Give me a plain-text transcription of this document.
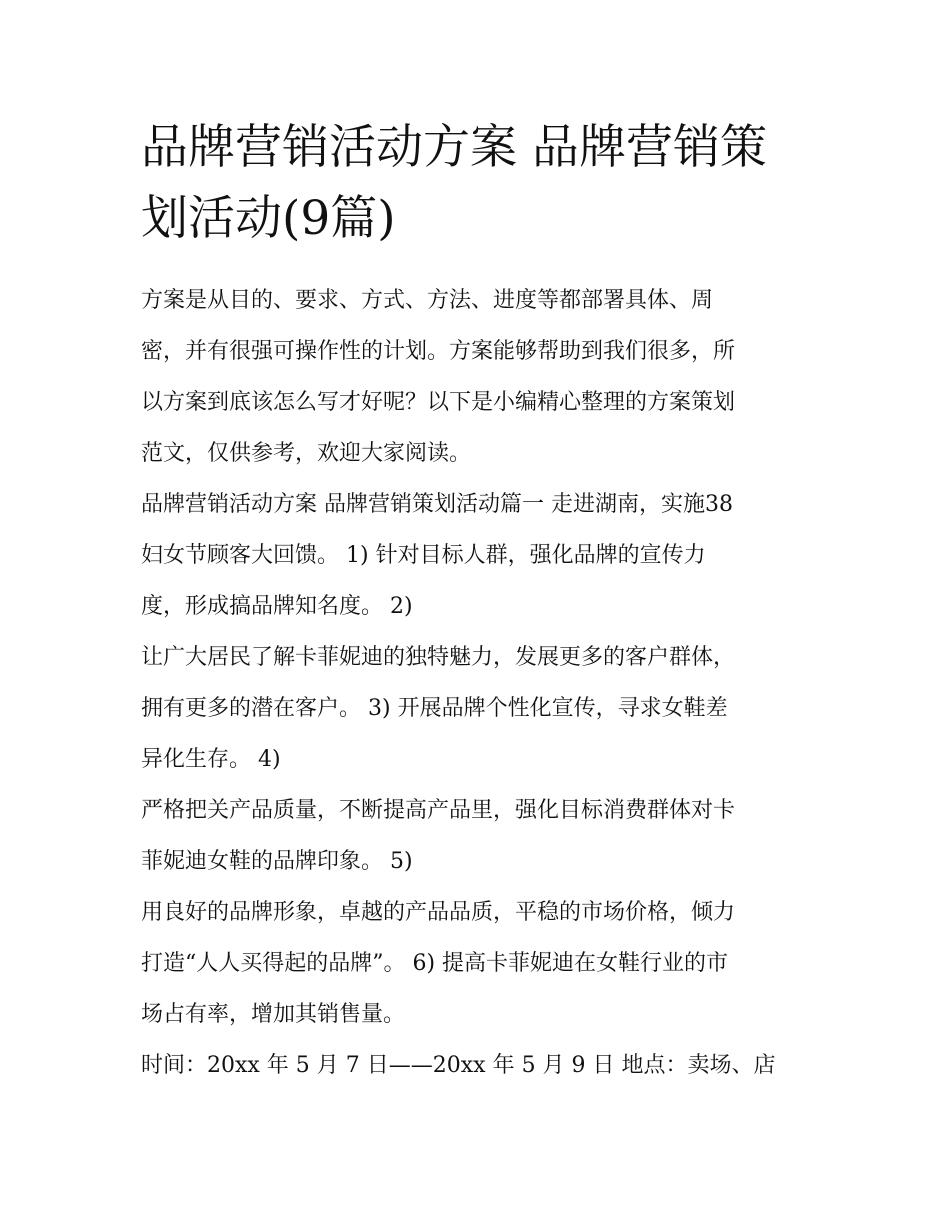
品牌营销活动方案 品牌营销策
划活动(9篇)
方案是从目的、要求、方式、方法、进度等都部署具体、周
密，并有很强可操作性的计划。方案能够帮助到我们很多，所
以方案到底该怎么写才好呢？以下是小编精心整理的方案策划
范文，仅供参考，欢迎大家阅读。
品牌营销活动方案 品牌营销策划活动篇一 走进湖南，实施38
妇女节顾客大回馈。 1) 针对目标人群，强化品牌的宣传力
度，形成搞品牌知名度。 2)
让广大居民了解卡菲妮迪的独特魅力，发展更多的客户群体，
拥有更多的潜在客户。 3) 开展品牌个性化宣传，寻求女鞋差
异化生存。 4)
严格把关产品质量，不断提高产品里，强化目标消费群体对卡
菲妮迪女鞋的品牌印象。 5)
用良好的品牌形象，卓越的产品品质，平稳的市场价格，倾力
打造“人人买得起的品牌”。 6) 提高卡菲妮迪在女鞋行业的市
场占有率，增加其销售量。
时间：20xx 年 5 月 7 日——20xx 年 5 月 9 日 地点：卖场、店
